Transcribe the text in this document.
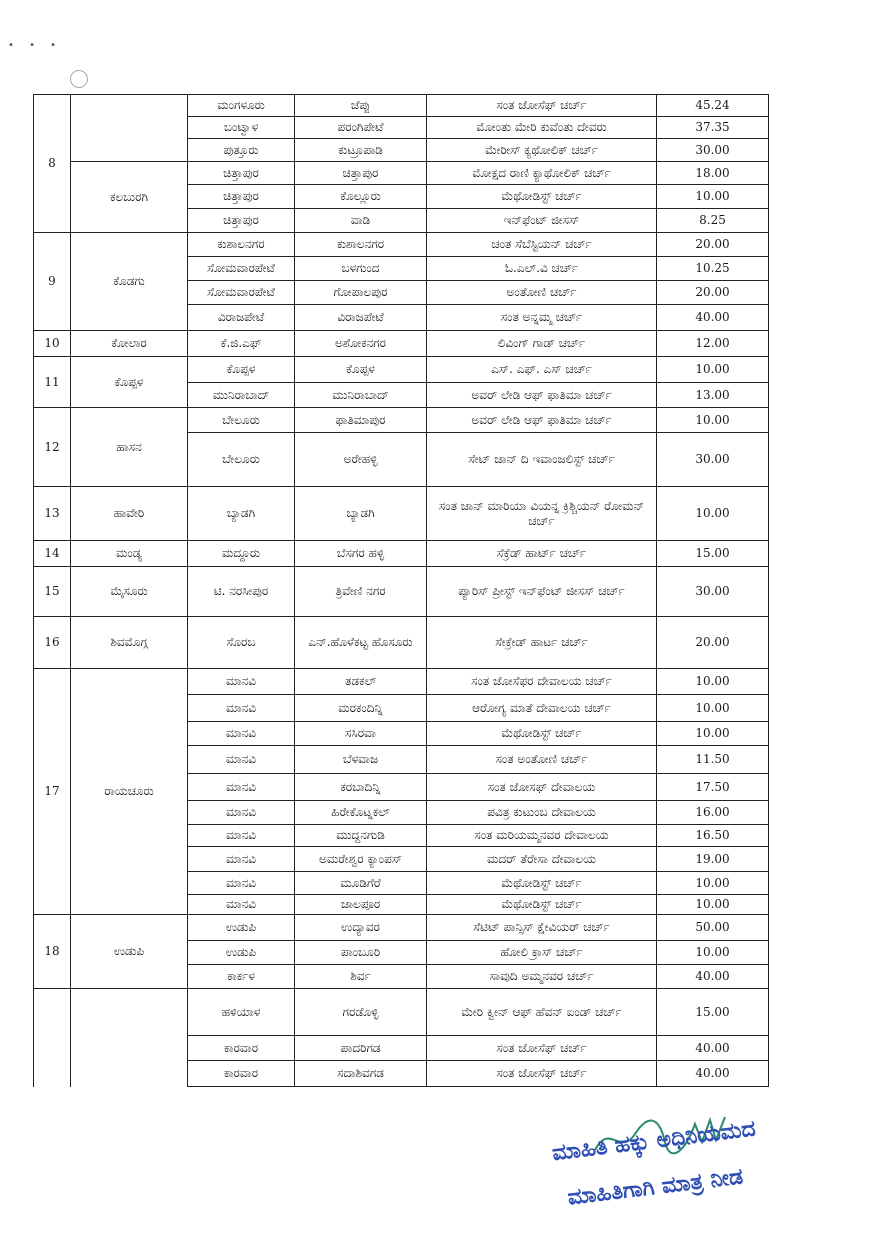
• • •
8		ಮಂಗಳೂರು	ಜೆಪ್ಪು	ಸಂತ ಜೋಸೆಫ್ ಚರ್ಚ್	45.24
		ಬಂಟ್ವಾಳ	ಪರಂಗಿಪೇಟೆ	ಮೋಂತು ಮೇರಿ ಕುವೆಂತು ದೇವರು	37.35
		ಪುತ್ತೂರು	ಕುಟ್ರೂಪಾಡಿ	ಮೇರೀಸ್ ಕ್ಯಥೋಲಿಕ್ ಚರ್ಚ್	30.00
	ಕಲಬುರಗಿ	ಚಿತ್ತಾಪುರ	ಚಿತ್ತಾಪುರ	ಮೋಕ್ಷದ ರಾಣಿ ಕ್ಯಾಥೋಲಿಕ್ ಚರ್ಚ್	18.00
		ಚಿತ್ತಾಪುರ	ಕೊಲ್ಲೂರು	ಮೆಥೋಡಿಸ್ಟ್ ಚರ್ಚ್	10.00
		ಚಿತ್ತಾಪುರ	ವಾಡಿ	ಇನ್‌ಫೆಂಟ್ ಜೀಸಸ್	8.25
9	ಕೊಡಗು	ಕುಶಾಲನಗರ	ಕುಶಾಲನಗರ	ಚಂತ ಸೆಬೆಸ್ಟಿಯನ್ ಚರ್ಚ್	20.00
		ಸೋಮವಾರಪೇಟೆ	ಬಳಗುಂದ	ಓ.ಎಲ್.ವಿ ಚರ್ಚ್	10.25
		ಸೋಮವಾರಪೇಟೆ	ಗೋಪಾಲಪುರ	ಅಂತೋಣಿ ಚರ್ಚ್	20.00
		ವಿರಾಜಪೇಟೆ	ವಿರಾಜಪೇಟೆ	ಸಂತ ಅನ್ನಮ್ಮ ಚರ್ಚ್	40.00
10	ಕೋಲಾರ	ಕೆ.ಜಿ.ಎಫ್	ಅಶೋಕನಗರ	ಲಿವಿಂಗ್ ಗಾಡ್ ಚರ್ಚ್	12.00
11	ಕೊಪ್ಪಳ	ಕೊಪ್ಪಳ	ಕೊಪ್ಪಳ	ಎಸ್. ಎಫ್. ಎಸ್ ಚರ್ಚ್	10.00
		ಮುನಿರಾಬಾದ್	ಮುನಿರಾಬಾದ್	ಅವರ್ ಲೇಡಿ ಆಫ್ ಫಾತಿಮಾ ಚರ್ಚ್	13.00
12	ಹಾಸನ	ಬೇಲೂರು	ಫಾತಿಮಾಪುರ	ಅವರ್ ಲೇಡಿ ಆಫ್ ಫಾತಿಮಾ ಚರ್ಚ್	10.00
		ಬೇಲೂರು	ಅರೇಹಳ್ಳಿ	ಸೇಟ್ ಜಾನ್ ದಿ ಇವಾಂಜಲಿಸ್ಟ್ ಚರ್ಚ್	30.00
13	ಹಾವೇರಿ	ಬ್ಯಾಡಗಿ	ಬ್ಯಾಡಗಿ	ಸಂತ ಜಾನ್ ಮಾರಿಯಾ ವಿಯನ್ನ ಕ್ರಿಶ್ಚಿಯನ್ ರೋಮನ್ ಚರ್ಚ್	10.00
14	ಮಂಡ್ಯ	ಮದ್ದೂರು	ಬೆಸಗರ ಹಳ್ಳಿ	ಸೆಕ್ರೆಡ್ ಹಾರ್ಟ್ ಚರ್ಚ್	15.00
15	ಮೈಸೂರು	ಟಿ. ನರಸೀಪುರ	ತ್ರಿವೇಣಿ ನಗರ	ಪ್ಯಾರಿಸ್ ಪ್ರೀಸ್ಟ್ ಇನ್‌ಫೆಂಟ್ ಜೀಸಸ್ ಚರ್ಚ್	30.00
16	ಶಿವಮೊಗ್ಗ	ಸೊರಬ	ಎನ್.ಹೊಳೆಕಟ್ಟ ಹೊಸೂರು	ಸೇಕ್ರೇಡ್ ಹಾರ್ಟ ಚರ್ಚ್	20.00
17	ರಾಯಚೂರು	ಮಾನವಿ	ತಡಕಲ್	ಸಂತ ಜೋಸೆಫರ ದೇವಾಲಯ ಚರ್ಚ್	10.00
		ಮಾನವಿ	ಮರಕಂದಿನ್ನಿ	ಆರೋಗ್ಯ ಮಾತೆ ದೇವಾಲಯ ಚರ್ಚ್	10.00
		ಮಾನವಿ	ಸಸಿರವಾ	ಮೆಥೋಡಿಸ್ಟ್ ಚರ್ಚ್	10.00
		ಮಾನವಿ	ಬೆಳವಾಜ	ಸಂತ ಅಂತೋಣಿ ಚರ್ಚ್	11.50
		ಮಾನವಿ	ಕರಬಾದಿನ್ನಿ	ಸಂತ ಜೋಸಫ್ ದೇವಾಲಯ	17.50
		ಮಾನವಿ	ಹಿರೇಕೊಟ್ನಕಲ್	ಪವಿತ್ರ ಕುಟುಂಬ ದೇವಾಲಯ	16.00
		ಮಾನವಿ	ಮುದ್ದನಗುಡಿ	ಸಂತ ಮರಿಯಮ್ಮನವರ ದೇವಾಲಯ	16.50
		ಮಾನವಿ	ಅಮರೇಶ್ವರ ಕ್ಯಾಂಪಸ್	ಮದರ್ ತೆರೇಸಾ ದೇವಾಲಯ	19.00
		ಮಾನವಿ	ಮೂಡಿಗೆರೆ	ಮೆಥೋಡಿಸ್ಟ್ ಚರ್ಚ್	10.00
		ಮಾನವಿ	ಜಾಲಪೂರ	ಮೆಥೋಡಿಸ್ಟ್ ಚರ್ಚ್	10.00
18	ಉಡುಪಿ	ಉಡುಪಿ	ಉದ್ಯಾವರ	ಸೆಟಿಟ್ ಪಾನ್ಸಿಸ್ ಕ್ಷೇವಿಯರ್ ಚರ್ಚ್	50.00
		ಉಡುಪಿ	ಪಾಂಬೂರಿ	ಹೋಲಿ ಕ್ರಾಸ್ ಚರ್ಚ್	10.00
		ಕಾರ್ಕಳ	ಶಿರ್ವ	ಸಾವುದಿ ಅಮ್ಮನವರ ಚರ್ಚ್	40.00
		ಹಳಿಯಾಳ	ಗರಡೊಳ್ಳಿ	ಮೇರಿ ಕ್ವೀನ್ ಆಫ್ ಹೆವನ್ ಐಂಡ್ ಚರ್ಚ್	15.00
		ಕಾರವಾರ	ಪಾದರಿಗಡ	ಸಂತ ಜೋಸೆಫ್ ಚರ್ಚ್	40.00
		ಕಾರವಾರ	ಸದಾಶಿವಗಡ	ಸಂತ ಜೋಸೆಫ್ ಚರ್ಚ್	40.00
ಮಾಹಿತಿ ಹಕ್ಕು ಅಧಿನಿಯಮದ
ಮಾಹಿತಿಗಾಗಿ ಮಾತ್ರ ನೀಡ
